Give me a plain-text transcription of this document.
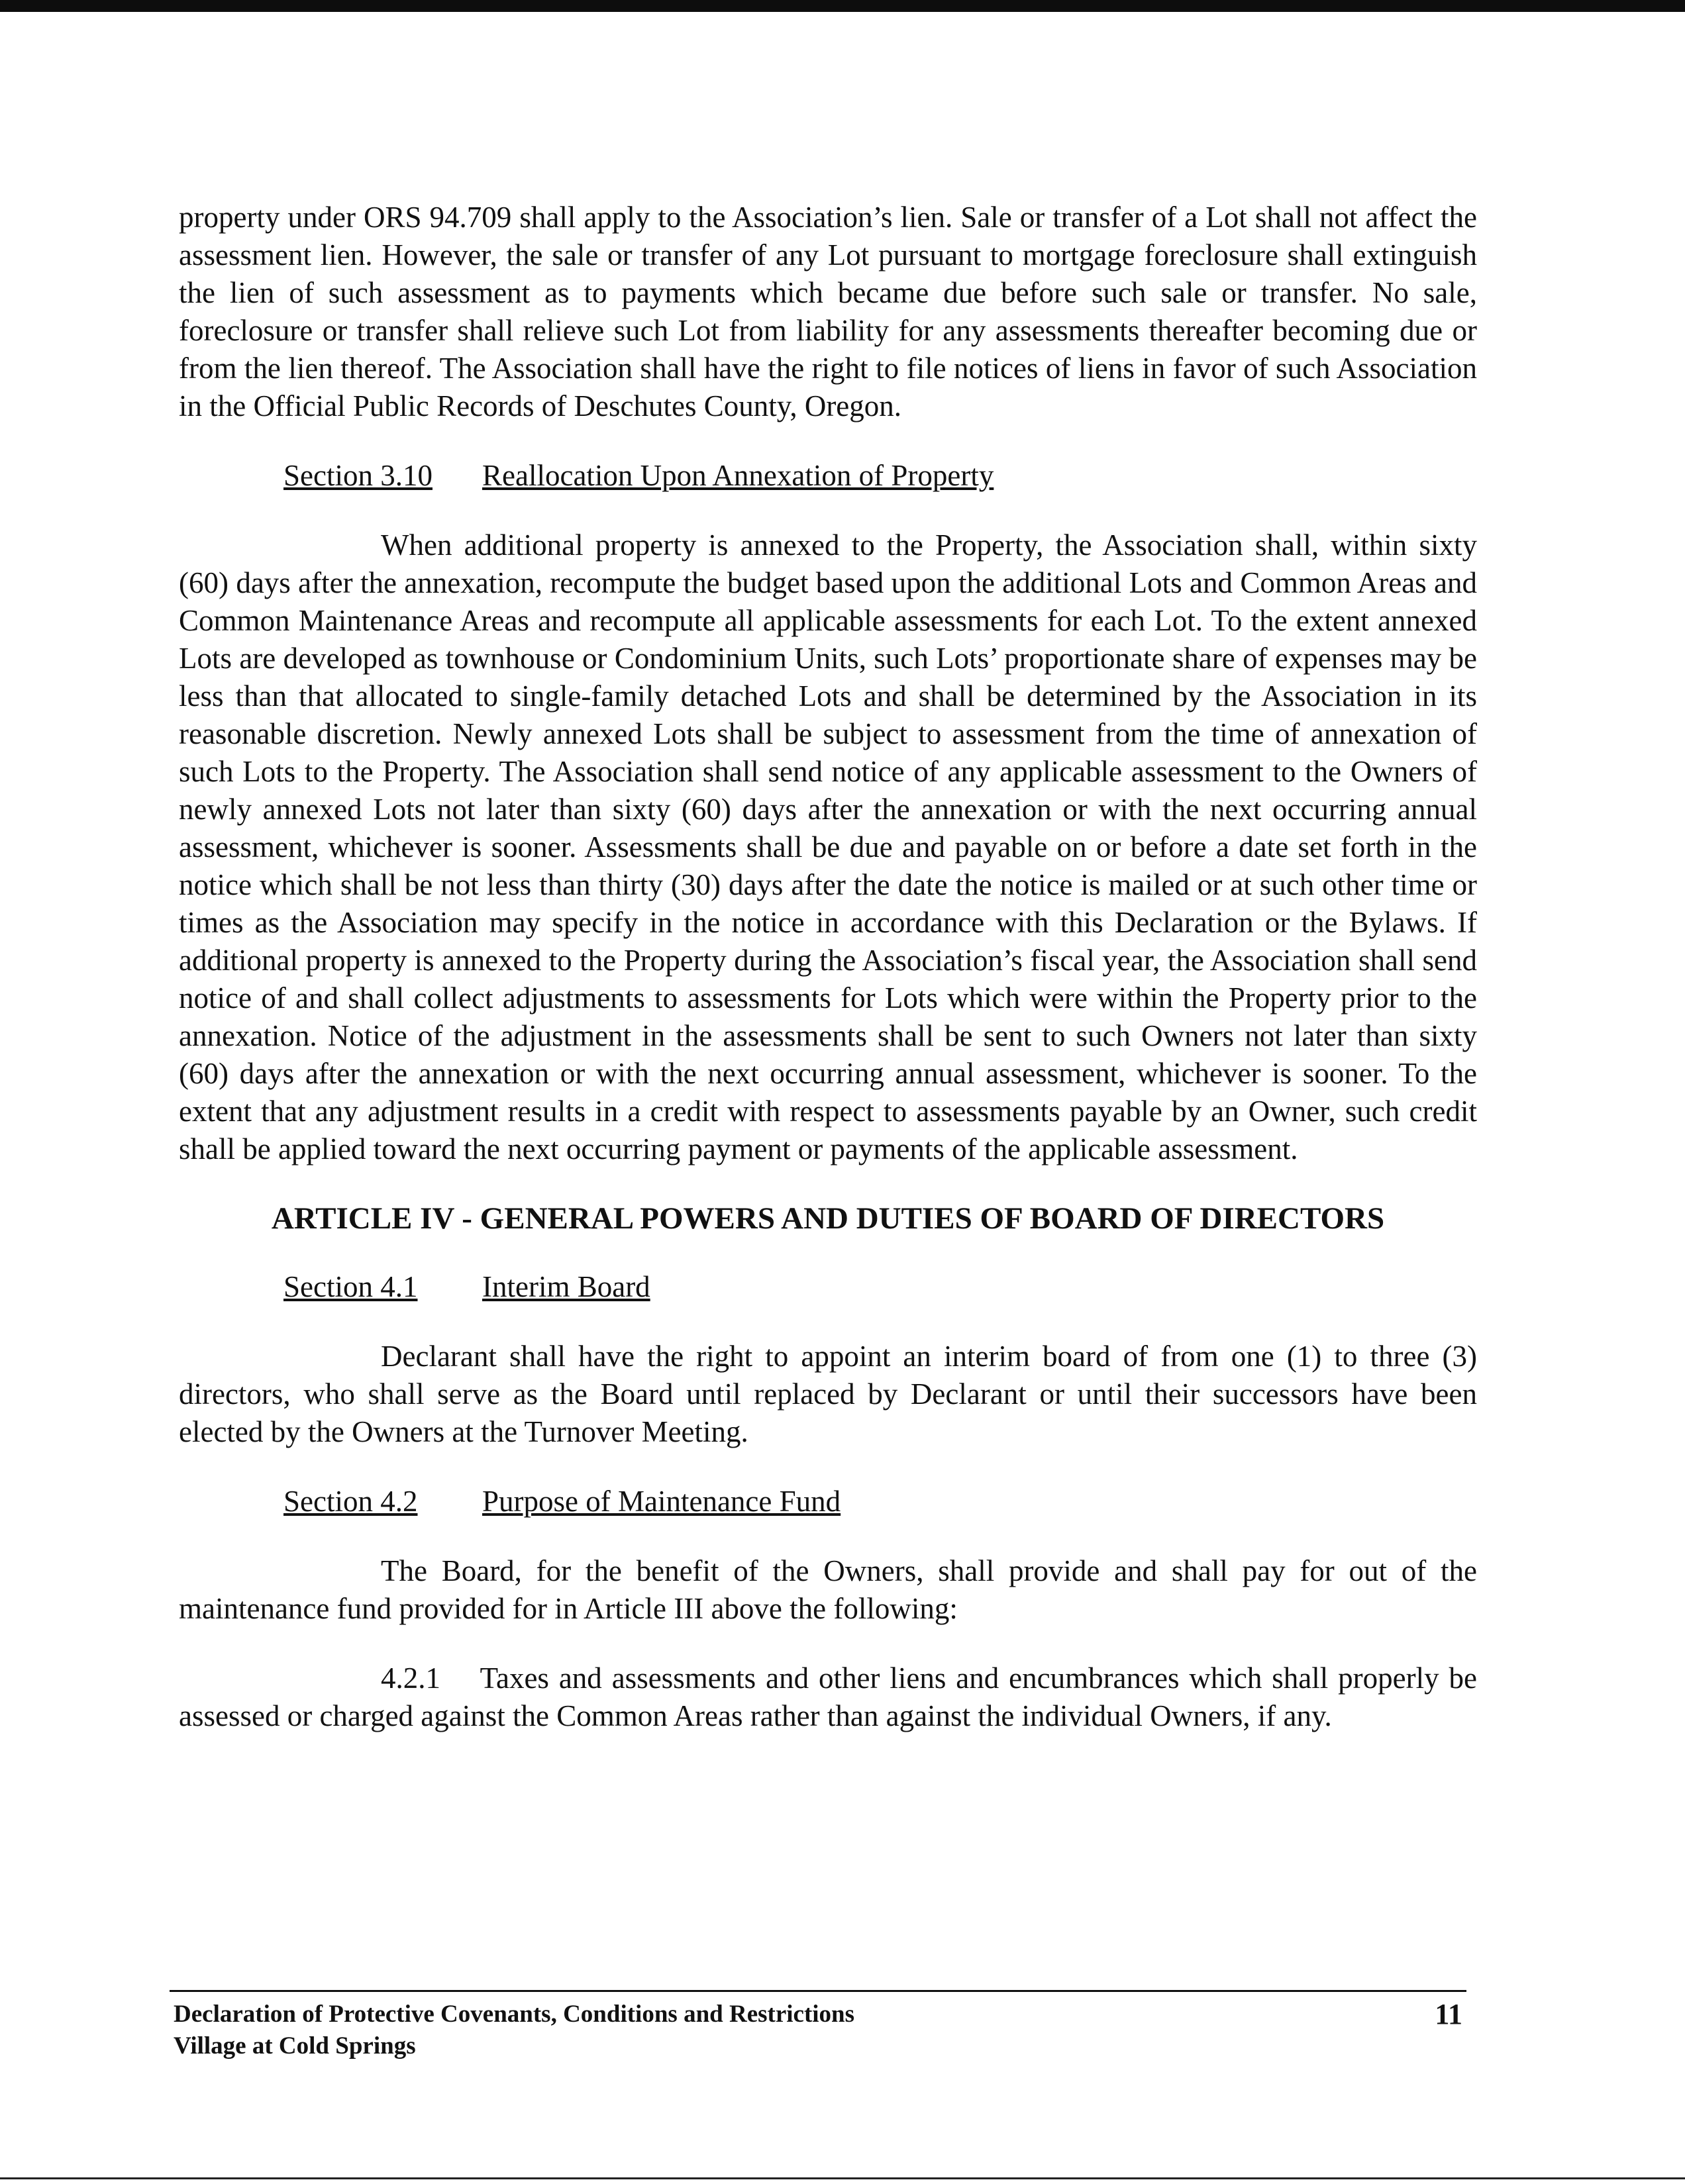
property under ORS 94.709 shall apply to the Association’s lien. Sale or transfer of a Lot shall not affect the assessment lien. However, the sale or transfer of any Lot pursuant to mortgage foreclosure shall extinguish the lien of such assessment as to payments which became due before such sale or transfer. No sale, foreclosure or transfer shall relieve such Lot from liability for any assessments thereafter becoming due or from the lien thereof. The Association shall have the right to file notices of liens in favor of such Association in the Official Public Records of Deschutes County, Oregon.

Section 3.10 Reallocation Upon Annexation of Property

When additional property is annexed to the Property, the Association shall, within sixty (60) days after the annexation, recompute the budget based upon the additional Lots and Common Areas and Common Maintenance Areas and recompute all applicable assessments for each Lot. To the extent annexed Lots are developed as townhouse or Condominium Units, such Lots’ proportionate share of expenses may be less than that allocated to single-family detached Lots and shall be determined by the Association in its reasonable discretion. Newly annexed Lots shall be subject to assessment from the time of annexation of such Lots to the Property. The Association shall send notice of any applicable assessment to the Owners of newly annexed Lots not later than sixty (60) days after the annexation or with the next occurring annual assessment, whichever is sooner. Assessments shall be due and payable on or before a date set forth in the notice which shall be not less than thirty (30) days after the date the notice is mailed or at such other time or times as the Association may specify in the notice in accordance with this Declaration or the Bylaws. If additional property is annexed to the Property during the Association’s fiscal year, the Association shall send notice of and shall collect adjustments to assessments for Lots which were within the Property prior to the annexation. Notice of the adjustment in the assessments shall be sent to such Owners not later than sixty (60) days after the annexation or with the next occurring annual assessment, whichever is sooner. To the extent that any adjustment results in a credit with respect to assessments payable by an Owner, such credit shall be applied toward the next occurring payment or payments of the applicable assessment.

ARTICLE IV - GENERAL POWERS AND DUTIES OF BOARD OF DIRECTORS
Section 4.1 Interim Board

Declarant shall have the right to appoint an interim board of from one (1) to three (3) directors, who shall serve as the Board until replaced by Declarant or until their successors have been elected by the Owners at the Turnover Meeting.

Section 4.2 Purpose of Maintenance Fund

The Board, for the benefit of the Owners, shall provide and shall pay for out of the maintenance fund provided for in Article III above the following:

4.2.1 Taxes and assessments and other liens and encumbrances which shall properly be assessed or charged against the Common Areas rather than against the individual Owners, if any.

Declaration of Protective Covenants, Conditions and Restrictions
Village at Cold Springs
11
